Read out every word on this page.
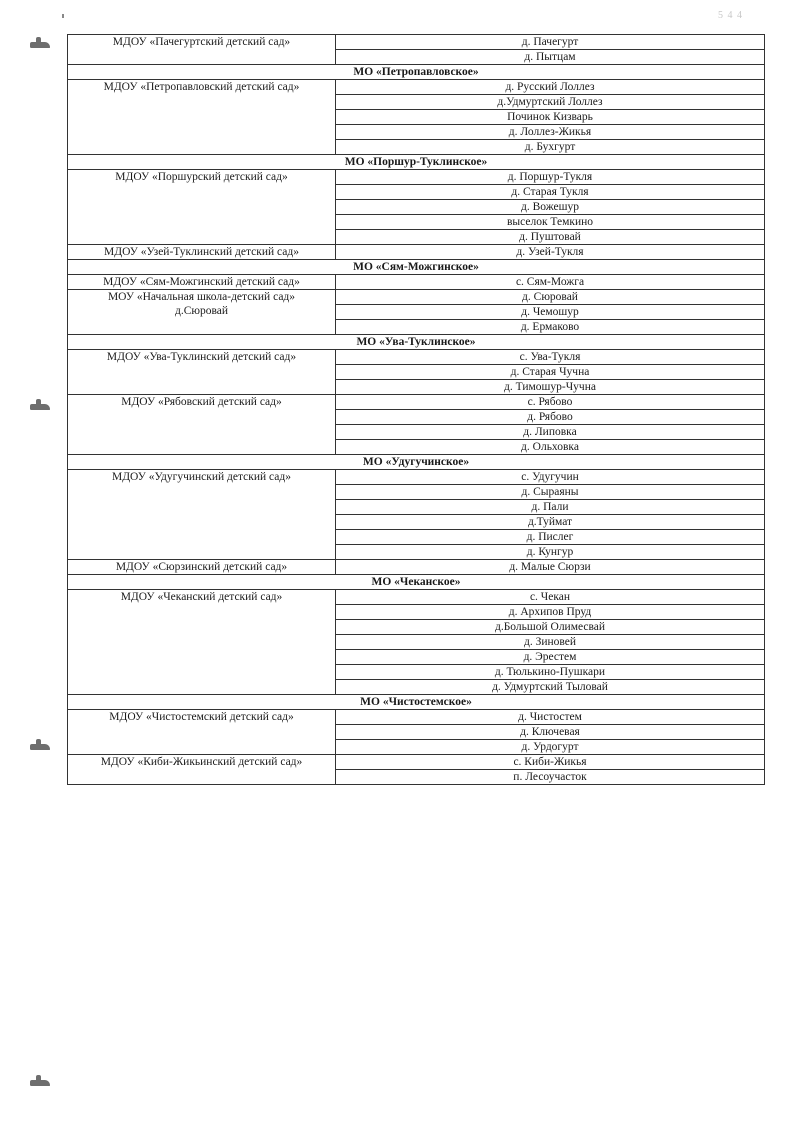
5 4 4
МДОУ «Пачегуртский детский сад»	д. Пачегурт
	д. Пытцам
МО «Петропавловское»	

МДОУ «Петропавловский детский сад»	д. Русский Лоллез
	д.Удмуртский Лоллез
	Починок Кизварь
	д. Лоллез-Жикья
	д. Бухгурт
МО «Поршур-Туклинское»	

МДОУ «Поршурский детский сад»	д. Поршур-Тукля
	д. Старая Тукля
	д. Вожешур
	выселок Темкино
	д. Пуштовай

МДОУ «Узей-Туклинский детский сад»	д. Узей-Тукля
МО «Сям-Можгинское»	

МДОУ «Сям-Можгинский детский сад»	с. Сям-Можга

МОУ «Начальная школа-детский сад»
д.Сюровай	д. Сюровай
	д. Чемошур
	д. Ермаково
МО «Ува-Туклинское»	

МДОУ «Ува-Туклинский детский сад»	с. Ува-Тукля
	д. Старая Чучна
	д. Тимошур-Чучна

МДОУ «Рябовский детский сад»	с. Рябово
	д. Рябово
	д. Липовка
	д. Ольховка
МО «Удугучинское»	

МДОУ «Удугучинский детский сад»	с. Удугучин
	д. Сыраяны
	д. Пали
	д.Туймат
	д. Пислег
	д. Кунгур

МДОУ «Сюрзинский детский сад»	д. Малые Сюрзи
МО «Чеканское»	

МДОУ «Чеканский детский сад»	с. Чекан
	д. Архипов Пруд
	д.Большой Олимесвай
	д. Зиновей
	д. Эрестем
	д. Тюлькино-Пушкари
	д. Удмуртский Тыловай
МО «Чистостемское»	

МДОУ «Чистостемский детский сад»	д. Чистостем
	д. Ключевая
	д. Урдогурт

МДОУ «Киби-Жикьинский детский сад»	с. Киби-Жикья
	п. Лесоучасток
